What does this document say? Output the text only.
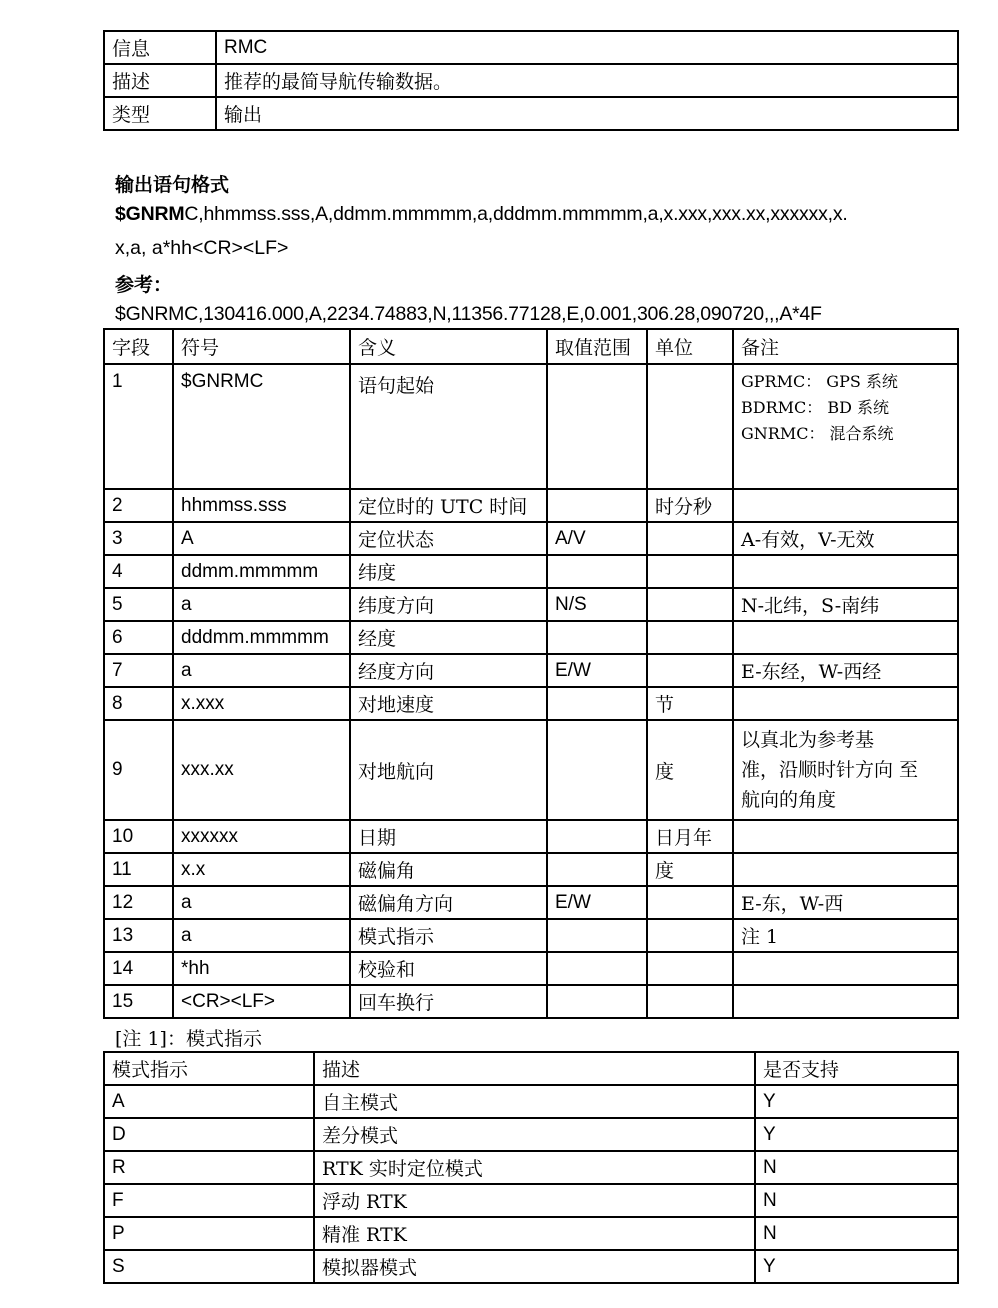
信息	RMC
描述	推荐的最简导航传输数据。
类型	输出
输出语句格式
$GNRMC,hhmmss.sss,A,ddmm.mmmmm,a,dddmm.mmmmm,a,x.xxx,xxx.xx,xxxxxx,x.
x,a, a*hh<CR><LF>
参考：
$GNRMC,130416.000,A,2234.74883,N,11356.77128,E,0.001,306.28,090720,,,A*4F
字段	符号	含义	取值范围	单位	备注
1	$GNRMC	语句起始			GPRMC： GPS 系统
BDRMC： BD 系统
GNRMC： 混合系统

2	hhmmss.sss	定位时的 UTC 时间		时分秒	
3	A	定位状态	A/V		A-有效，V-无效
4	ddmm.mmmmm	纬度			
5	a	纬度方向	N/S		N-北纬，S-南纬
6	dddmm.mmmmm	经度			
7	a	经度方向	E/W		E-东经，W-西经
8	x.xxx	对地速度		节	
9	xxx.xx	对地航向		度	以真北为参考基
准，沿顺时针方向 至
航向的角度

10	xxxxxx	日期		日月年	
11	x.x	磁偏角		度	
12	a	磁偏角方向	E/W		E-东，W-西
13	a	模式指示			注 1
14	*hh	校验和			
15	<CR><LF>	回车换行			
[注 1]：模式指示
模式指示	描述	是否支持
A	自主模式	Y
D	差分模式	Y
R	RTK 实时定位模式	N
F	浮动 RTK	N
P	精准 RTK	N
S	模拟器模式	Y
